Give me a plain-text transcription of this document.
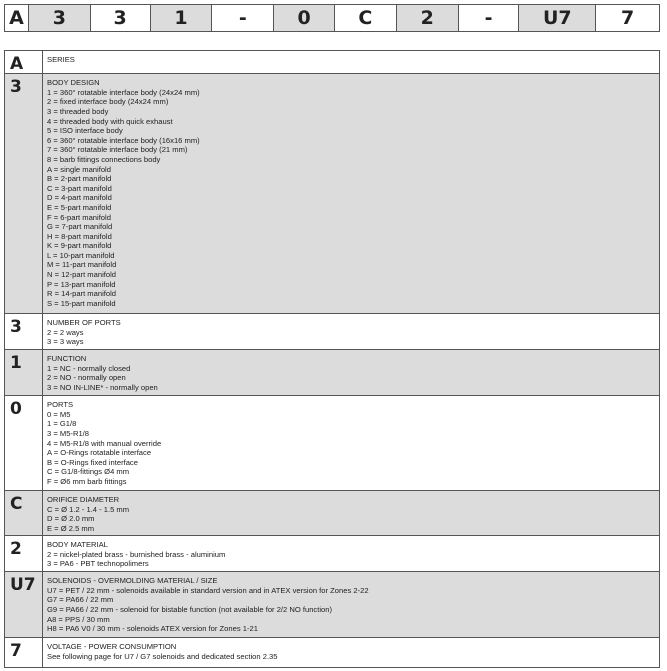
A	3	3	1	-	0	C	2	-	U7	7
A	SERIES
3	BODY DESIGN
1 = 360° rotatable interface body (24x24 mm)
2 = fixed interface body (24x24 mm)
3 = threaded body
4 = threaded body with quick exhaust
5 = ISO interface body
6 = 360° rotatable interface body (16x16 mm)
7 = 360° rotatable interface body (21 mm)
8 = barb fittings connections body
A = single manifold
B = 2-part manifold
C = 3-part manifold
D = 4-part manifold
E = 5-part manifold
F = 6-part manifold
G = 7-part manifold
H = 8-part manifold
K = 9-part manifold
L = 10-part manifold
M = 11-part manifold
N = 12-part manifold
P = 13-part manifold
R = 14-part manifold
S = 15-part manifold
3	NUMBER OF PORTS
2 = 2 ways
3 = 3 ways
1	FUNCTION
1 = NC - normally closed
2 = NO - normally open
3 = NO IN-LINE* - normally open
0	PORTS
0 = M5
1 = G1/8
3 = M5-R1/8
4 = M5-R1/8 with manual override
A = O-Rings rotatable interface
B = O-Rings fixed interface
C = G1/8-fittings Ø4 mm
F = Ø6 mm barb fittings
C	ORIFICE DIAMETER
C = Ø 1.2 - 1.4 - 1.5 mm
D = Ø 2.0 mm
E = Ø 2.5 mm
2	BODY MATERIAL
2 = nickel-plated brass - burnished brass - aluminium
3 = PA6 - PBT technopolimers
U7	SOLENOIDS - OVERMOLDING MATERIAL / SIZE
U7 = PET / 22 mm - solenoids available in standard version and in ATEX version for Zones 2-22
G7 = PA66 / 22 mm
G9 = PA66 / 22 mm - solenoid for bistable function (not available for 2/2 NO function)
A8 = PPS / 30 mm
H8 = PA6 V0 / 30 mm - solenoids ATEX version for Zones 1-21
7	VOLTAGE - POWER CONSUMPTION
See following page for U7 / G7 solenoids and dedicated section 2.35
